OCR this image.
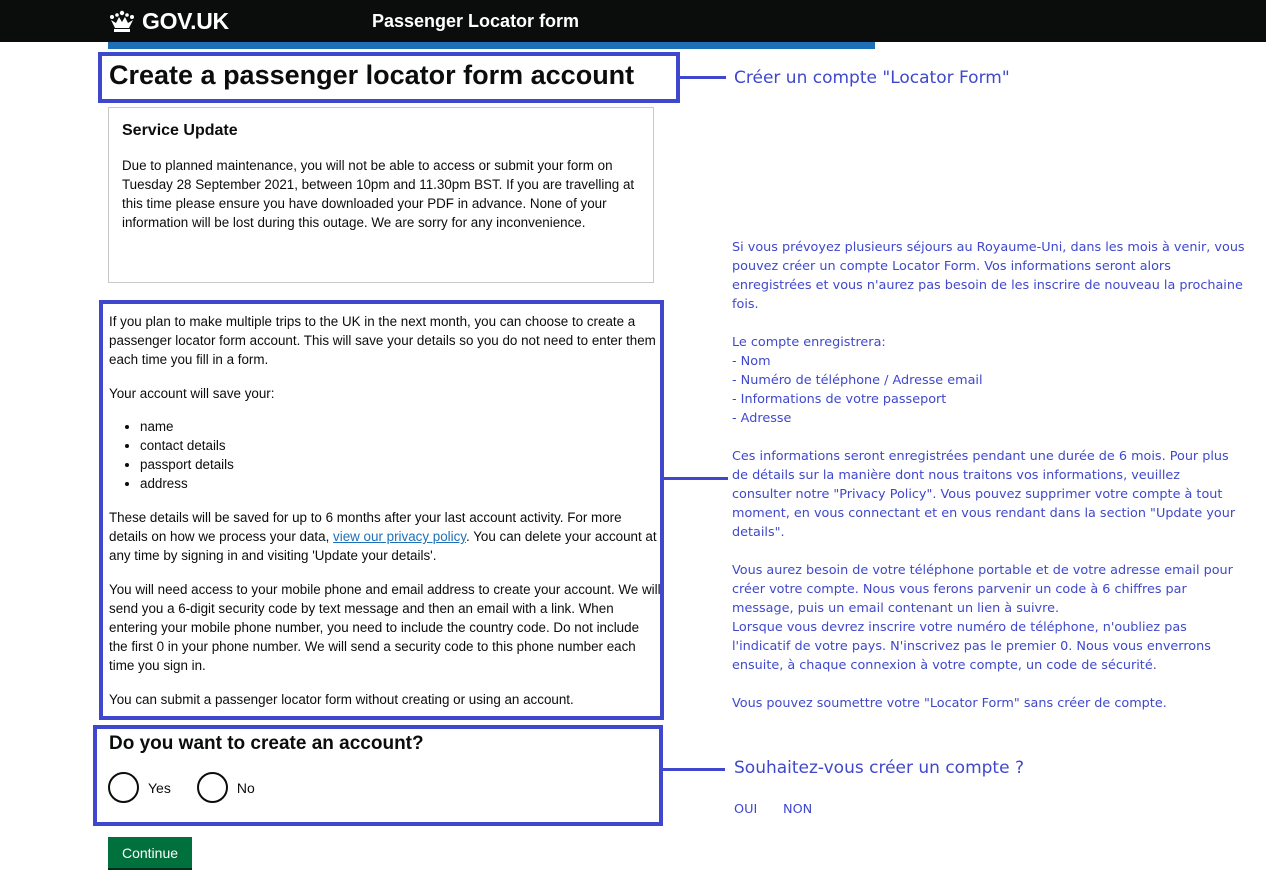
GOV.UK	Passenger Locator form
Create a passenger locator form account
Service Update

Due to planned maintenance, you will not be able to access or submit your form on Tuesday 28 September 2021, between 10pm and 11.30pm BST. If you are travelling at this time please ensure you have downloaded your PDF in advance. None of your information will be lost during this outage. We are sorry for any inconvenience.

If you plan to make multiple trips to the UK in the next month, you can choose to create a passenger locator form account. This will save your details so you do not need to enter them each time you fill in a form.

Your account will save your:

• name
• contact details
• passport details
• address

These details will be saved for up to 6 months after your last account activity. For more details on how we process your data, view our privacy policy. You can delete your account at any time by signing in and visiting 'Update your details'.

You will need access to your mobile phone and email address to create your account. We will send you a 6-digit security code by text message and then an email with a link. When entering your mobile phone number, you need to include the country code. Do not include the first 0 in your phone number. We will send a security code to this phone number each time you sign in.

You can submit a passenger locator form without creating or using an account.

Do you want to create an account?
Yes	No
Continue
Créer un compte "Locator Form"

Si vous prévoyez plusieurs séjours au Royaume-Uni, dans les mois à venir, vous
pouvez créer un compte Locator Form. Vos informations seront alors
enregistrées et vous n'aurez pas besoin de les inscrire de nouveau la prochaine
fois.

Le compte enregistrera:
- Nom
- Numéro de téléphone / Adresse email
- Informations de votre passeport
- Adresse

Ces informations seront enregistrées pendant une durée de 6 mois. Pour plus
de détails sur la manière dont nous traitons vos informations, veuillez
consulter notre "Privacy Policy". Vous pouvez supprimer votre compte à tout
moment, en vous connectant et en vous rendant dans la section "Update your
details".

Vous aurez besoin de votre téléphone portable et de votre adresse email pour
créer votre compte. Nous vous ferons parvenir un code à 6 chiffres par
message, puis un email contenant un lien à suivre.
Lorsque vous devrez inscrire votre numéro de téléphone, n'oubliez pas
l'indicatif de votre pays. N'inscrivez pas le premier 0. Nous vous enverrons
ensuite, à chaque connexion à votre compte, un code de sécurité.

Vous pouvez soumettre votre "Locator Form" sans créer de compte.

Souhaitez-vous créer un compte ?
OUI NON
